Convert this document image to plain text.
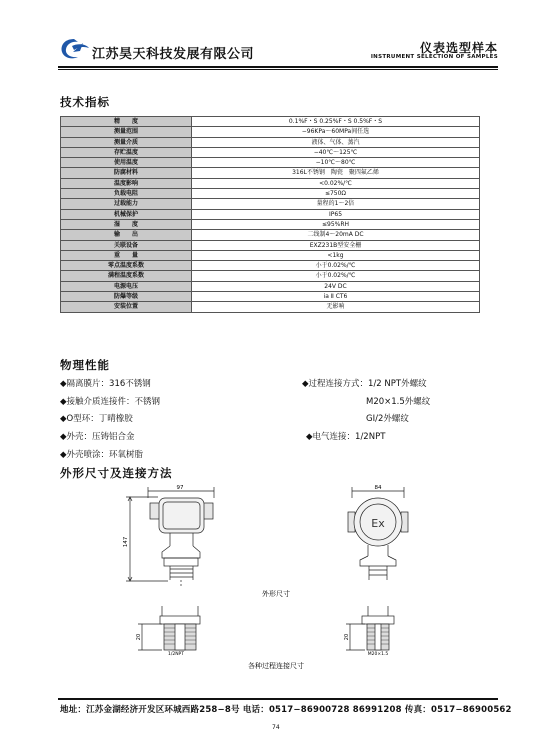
江苏昊天科技发展有限公司	仪表选型样本
INSTRUMENT SELECTION OF SAMPLES
技术指标
精　　度	0.1%F・S 0.25%F・S 0.5%F・S
测量范围	−96KPa～60MPa间任选
测量介质	液体、气体、蒸汽
存贮温度	−40℃～125℃
使用温度	−10℃～80℃
防腐材料	316L不锈钢　陶瓷　聚四氟乙烯
温度影响	<0.02%/℃
负载电阻	≤750Ω
过载能力	量程的1～2倍
机械保护	IP65
湿　　度	≤95%RH
输　　出	二线制4～20mA DC
关联设备	EXZ231B型安全栅
重　　量	<1kg
零点温度系数	小于0.02%/℃
满程温度系数	小于0.02%/℃
电源电压	24V DC
防爆等级	ia Ⅱ CT6
安装位置	无影响
物理性能
◆隔离膜片：316不锈钢	◆过程连接方式：1/2 NPT外螺纹
◆接触介质连接件：不锈钢	M20×1.5外螺纹
◆O型环：丁晴橡胶	GI/2外螺纹
◆外壳：压铸铝合金	◆电气连接：1/2NPT
◆外壳喷涂：环氧树脂
外形尺寸及连接方法
97	84
147
Ex
外形尺寸
20	20
1/2NPT	M20×1.5
各种过程连接尺寸
地址：江苏金湖经济开发区环城西路258−8号 电话：0517−86900728 86991208 传真：0517−86900562
74
